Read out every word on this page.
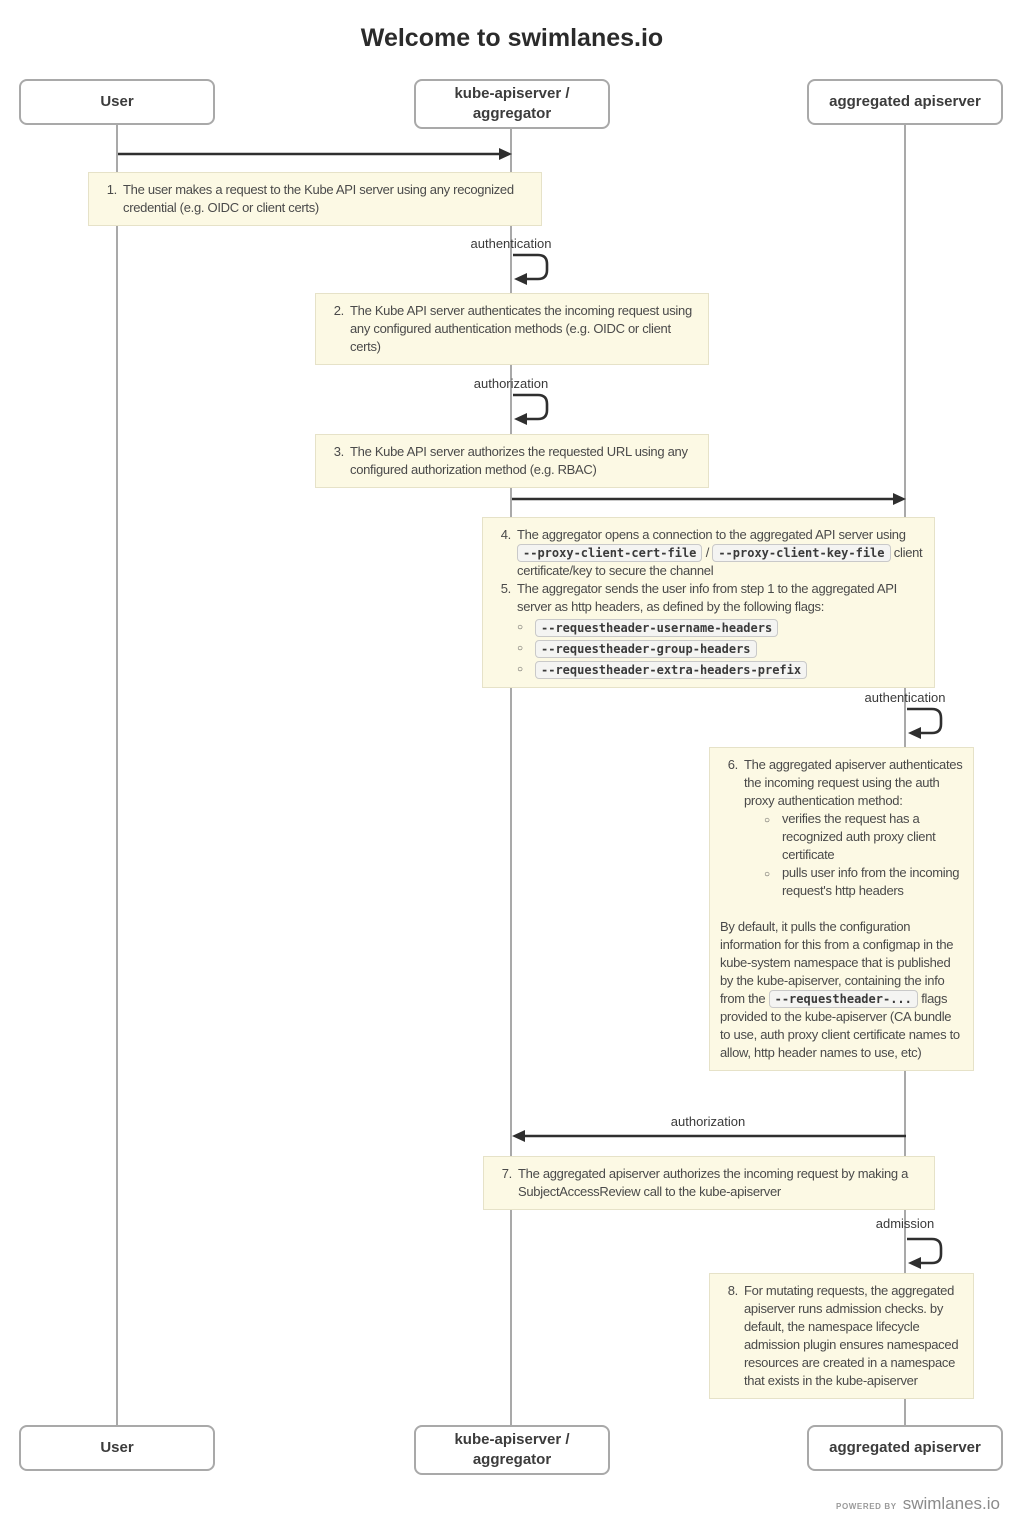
Welcome to swimlanes.io
User	kube-apiserver /
aggregator
aggregated apiserver
1. The user makes a request to the Kube API server using any recognized credential (e.g. OIDC or client certs)
authentication
2. The Kube API server authenticates the incoming request using any configured authentication methods (e.g. OIDC or client certs)
authorization
3. The Kube API server authorizes the requested URL using any configured authorization method (e.g. RBAC)
4. The aggregator opens a connection to the aggregated API server using --proxy-client-cert-file / --proxy-client-key-file client certificate/key to secure the channel
5. The aggregator sends the user info from step 1 to the aggregated API server as http headers, as defined by the following flags:
○	--requestheader-username-headers
○	--requestheader-group-headers
○	--requestheader-extra-headers-prefix
authentication
6. The aggregated apiserver authenticates the incoming request using the auth proxy authentication method:
○ verifies the request has a recognized auth proxy client certificate
○ pulls user info from the incoming request's http headers
By default, it pulls the configuration information for this from a configmap in the kube-system namespace that is published by the kube-apiserver, containing the info from the --requestheader-... flags provided to the kube-apiserver (CA bundle to use, auth proxy client certificate names to allow, http header names to use, etc)
authorization
7. The aggregated apiserver authorizes the incoming request by making a SubjectAccessReview call to the kube-apiserver
admission
8. For mutating requests, the aggregated apiserver runs admission checks. by default, the namespace lifecycle admission plugin ensures namespaced resources are created in a namespace that exists in the kube-apiserver
User	kube-apiserver /
aggregator
aggregated apiserver
POWERED BY swimlanes.io
